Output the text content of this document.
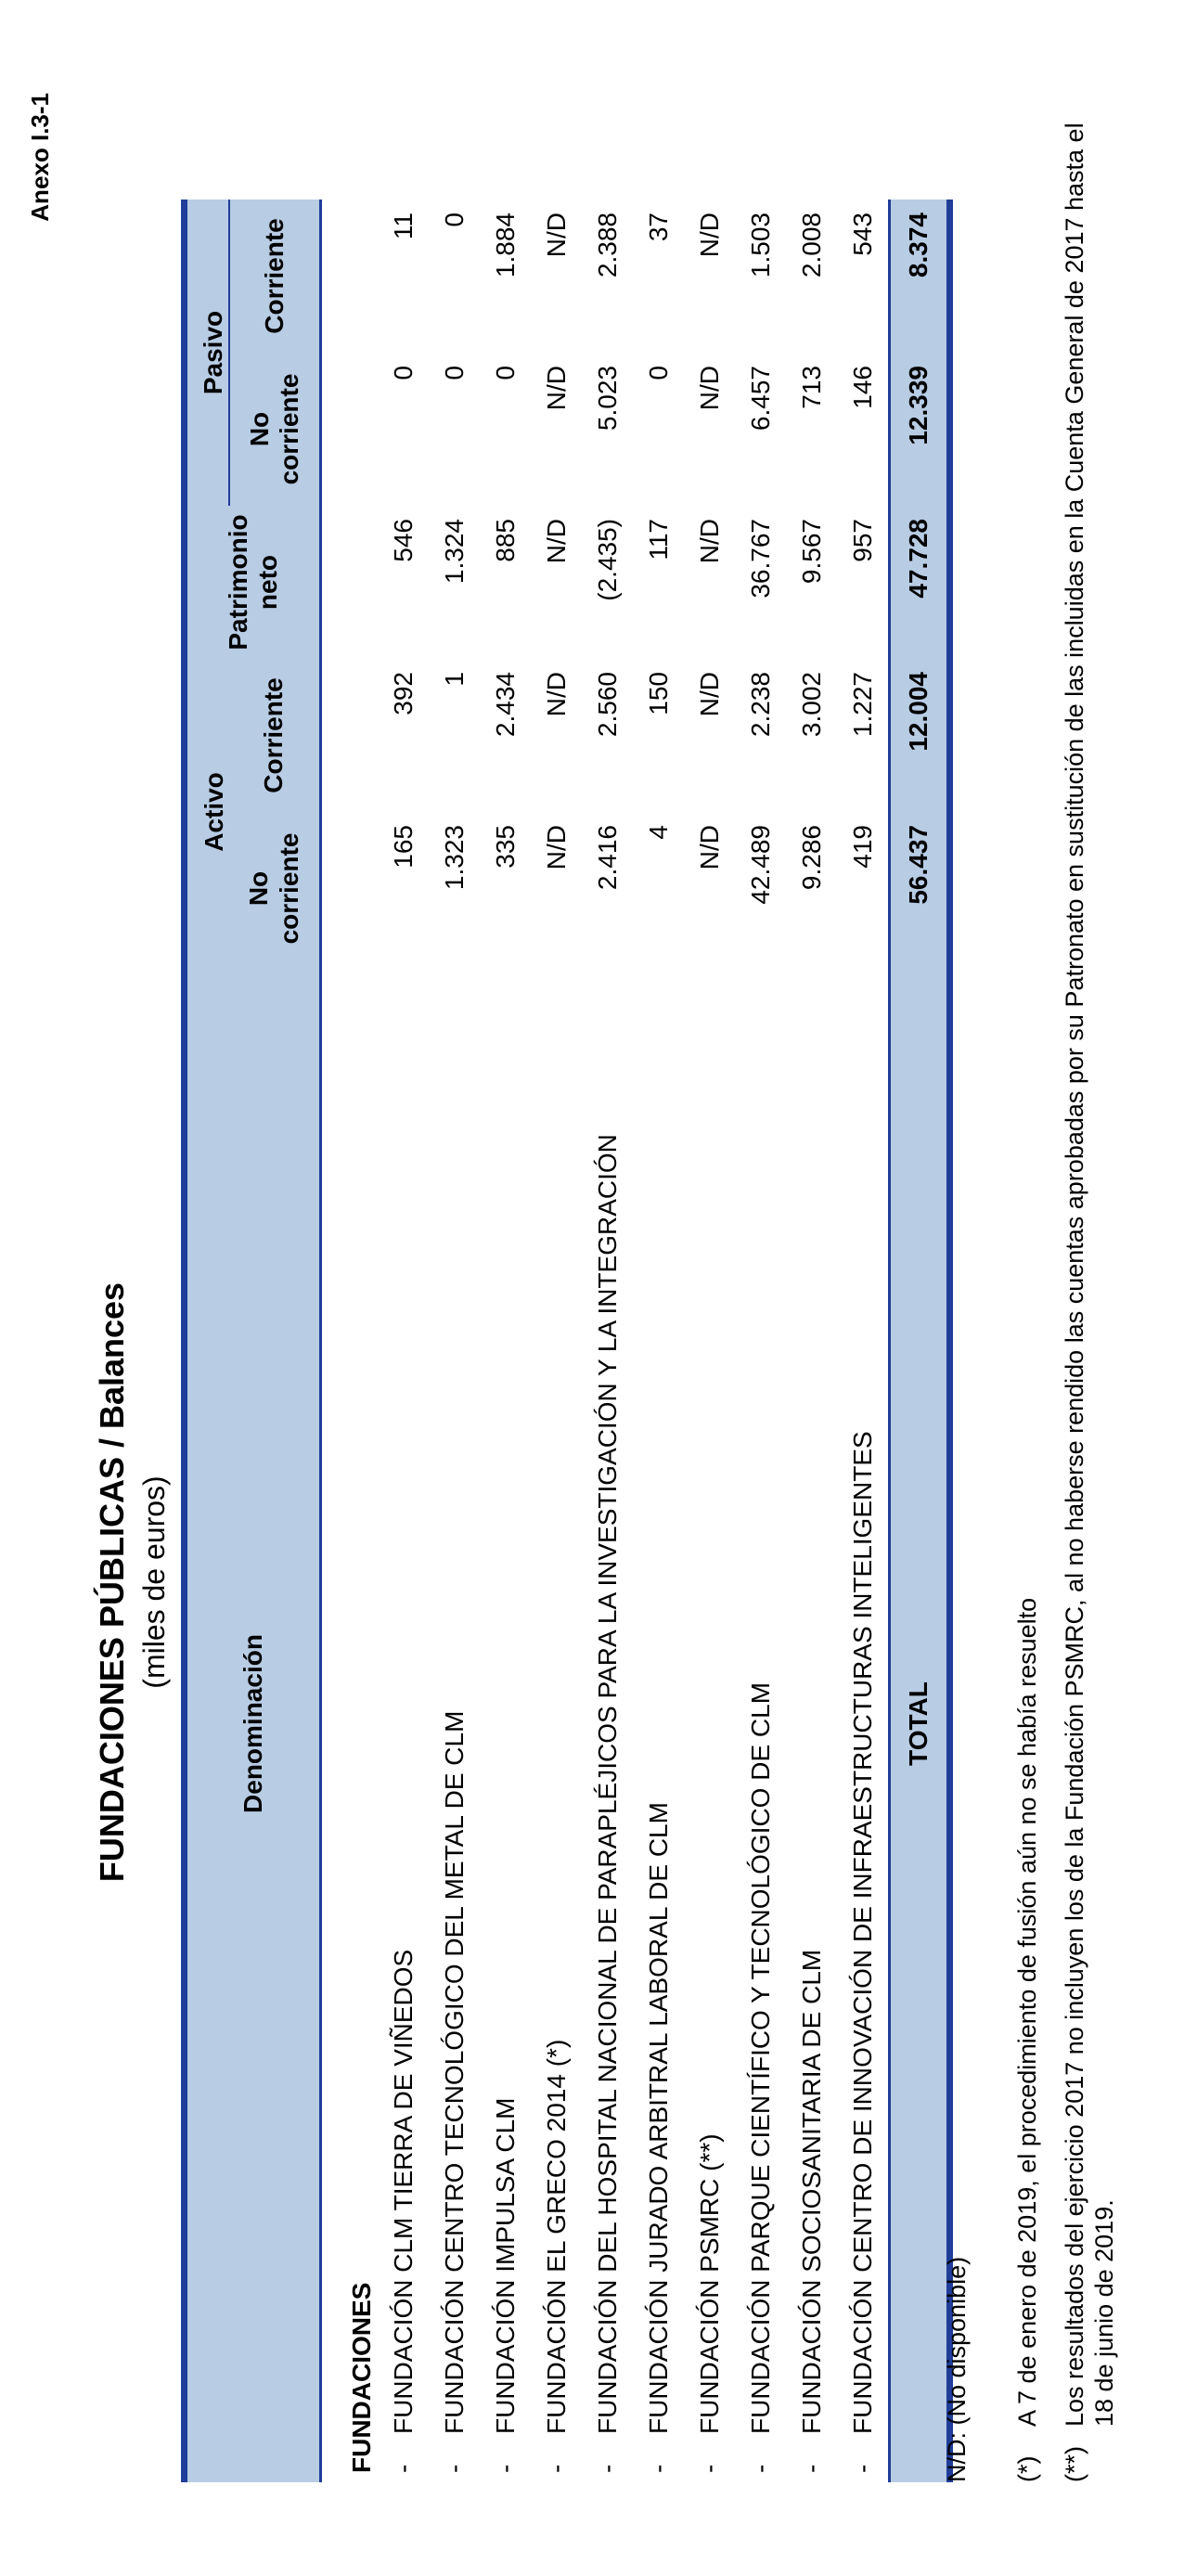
Anexo I.3-1
FUNDACIONES PÚBLICAS / Balances (miles de euros)
Denominación		Activo		Patrimonio neto	Pasivo	
		No corriente	Corriente		No corriente	Corriente
FUNDACIONES						
-	FUNDACIÓN CLM TIERRA DE VIÑEDOS	165	392	546	0	11
-	FUNDACIÓN CENTRO TECNOLÓGICO DEL METAL DE CLM	1.323	1	1.324	0	0
-	FUNDACIÓN IMPULSA CLM	335	2.434	885	0	1.884
-	FUNDACIÓN EL GRECO 2014 (*)	N/D	N/D	N/D	N/D	N/D
-	FUNDACIÓN DEL HOSPITAL NACIONAL DE PARAPLÉJICOS PARA LA INVESTIGACIÓN Y LA INTEGRACIÓN	2.416	2.560	(2.435)	5.023	2.388
-	FUNDACIÓN JURADO ARBITRAL LABORAL DE CLM	4	150	117	0	37
-	FUNDACIÓN PSMRC (**)	N/D	N/D	N/D	N/D	N/D
-	FUNDACIÓN PARQUE CIENTÍFICO Y TECNOLÓGICO DE CLM	42.489	2.238	36.767	6.457	1.503
-	FUNDACIÓN SOCIOSANITARIA DE CLM	9.286	3.002	9.567	713	2.008
-	FUNDACIÓN CENTRO DE INNOVACIÓN DE INFRAESTRUCTURAS INTELIGENTES	419	1.227	957	146	543
TOTAL		56.437	12.004	47.728	12.339	8.374
N/D: (No disponible) (*)
A 7 de enero de 2019, el procedimiento de fusión aún no se había resuelto
(**)
Los resultados del ejercicio 2017 no incluyen los de la Fundación PSMRC, al no haberse rendido las cuentas aprobadas por su Patronato en sustitución de las incluidas en la Cuenta General de 2017 hasta el 18 de junio de 2019.
